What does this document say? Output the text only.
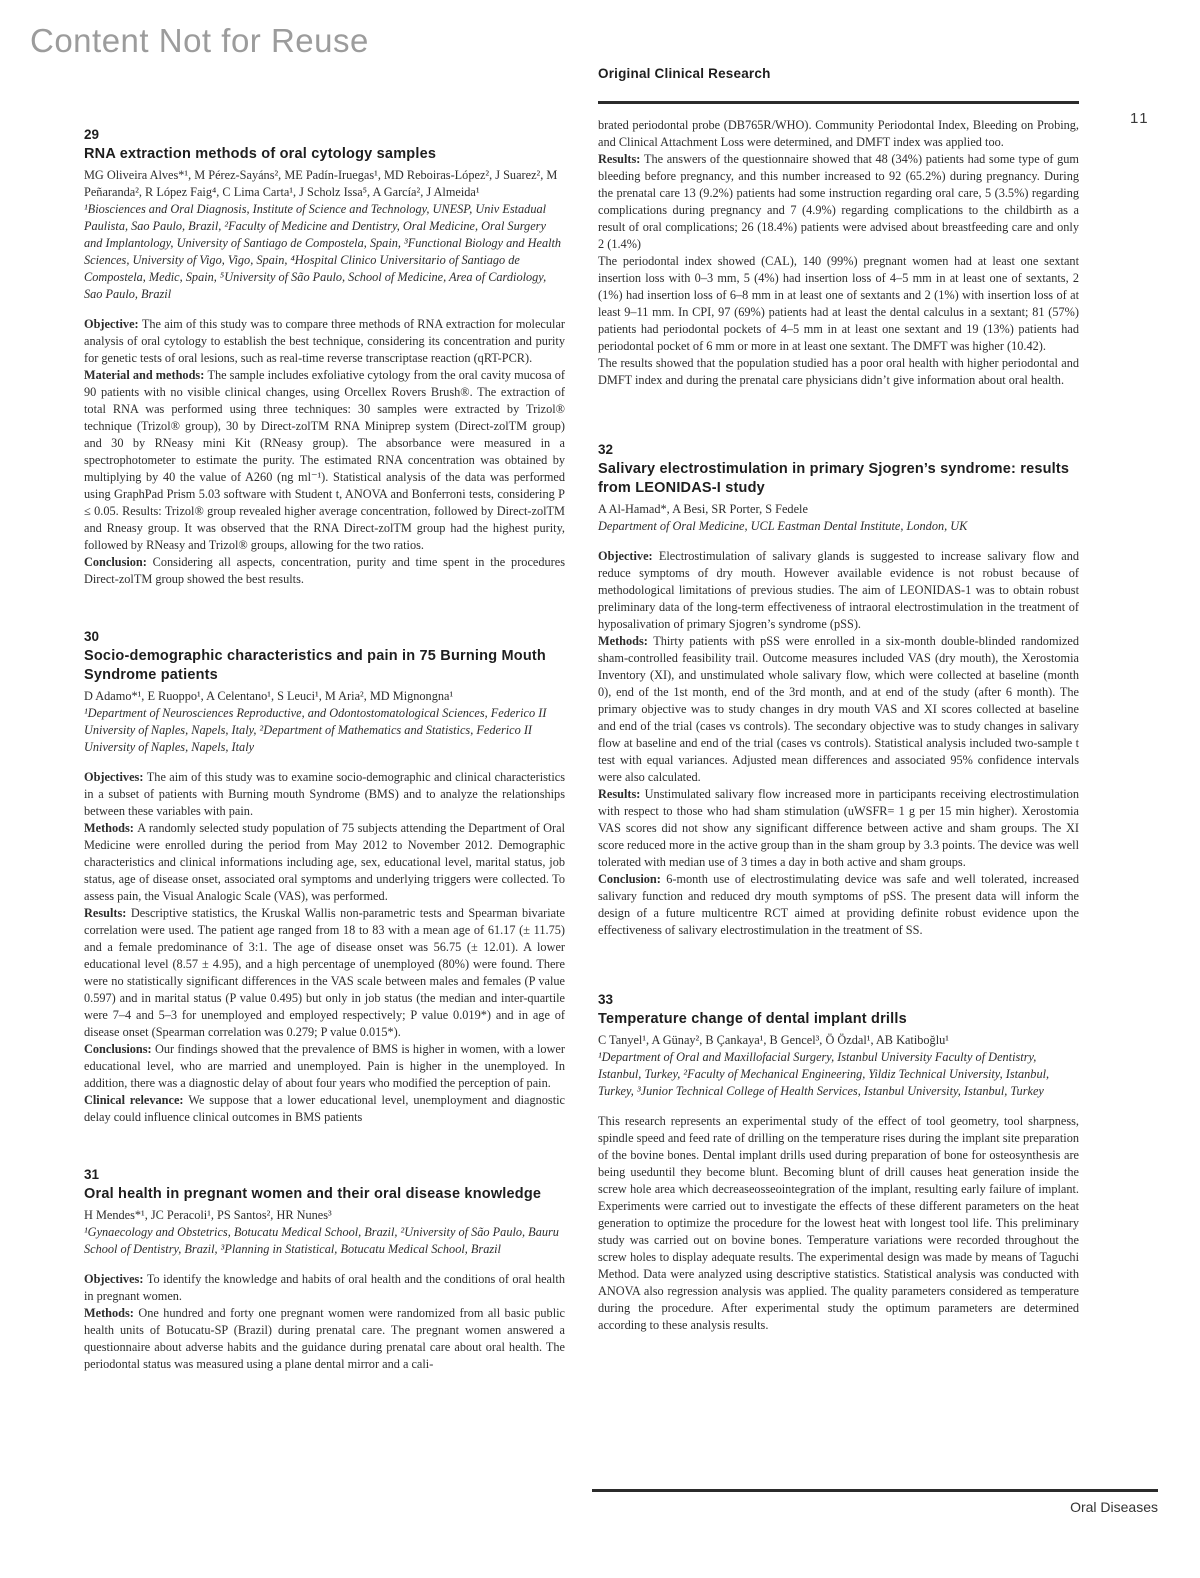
Content Not for Reuse
11
29
RNA extraction methods of oral cytology samples
MG Oliveira Alves*¹, M Pérez-Sayáns², ME Padín-Iruegas¹, MD Reboiras-López², J Suarez², M Peñaranda², R López Faig⁴, C Lima Carta¹, J Scholz Issa⁵, A García², J Almeida¹
¹Biosciences and Oral Diagnosis, Institute of Science and Technology, UNESP, Univ Estadual Paulista, Sao Paulo, Brazil, ²Faculty of Medicine and Dentistry, Oral Medicine, Oral Surgery and Implantology, University of Santiago de Compostela, Spain, ³Functional Biology and Health Sciences, University of Vigo, Vigo, Spain, ⁴Hospital Clinico Universitario of Santiago de Compostela, Medic, Spain, ⁵University of São Paulo, School of Medicine, Area of Cardiology, Sao Paulo, Brazil

Objective: The aim of this study was to compare three methods of RNA extraction for molecular analysis of oral cytology to establish the best technique, considering its concentration and purity for genetic tests of oral lesions, such as real-time reverse transcriptase reaction (qRT-PCR).

Material and methods: The sample includes exfoliative cytology from the oral cavity mucosa of 90 patients with no visible clinical changes, using Orcellex Rovers Brush®. The extraction of total RNA was performed using three techniques: 30 samples were extracted by Trizol® technique (Trizol® group), 30 by Direct-zolTM RNA Miniprep system (Direct-zolTM group) and 30 by RNeasy mini Kit (RNeasy group). The absorbance were measured in a spectrophotometer to estimate the purity. The estimated RNA concentration was obtained by multiplying by 40 the value of A260 (ng ml⁻¹). Statistical analysis of the data was performed using GraphPad Prism 5.03 software with Student t, ANOVA and Bonferroni tests, considering P ≤ 0.05. Results: Trizol® group revealed higher average concentration, followed by Direct-zolTM and Rneasy group. It was observed that the RNA Direct-zolTM group had the highest purity, followed by RNeasy and Trizol® groups, allowing for the two ratios.

Conclusion: Considering all aspects, concentration, purity and time spent in the procedures Direct-zolTM group showed the best results.

30
Socio-demographic characteristics and pain in 75 Burning Mouth Syndrome patients
D Adamo*¹, E Ruoppo¹, A Celentano¹, S Leuci¹, M Aria², MD Mignongna¹
¹Department of Neurosciences Reproductive, and Odontostomatological Sciences, Federico II University of Naples, Napels, Italy, ²Department of Mathematics and Statistics, Federico II University of Naples, Napels, Italy

Objectives: The aim of this study was to examine socio-demographic and clinical characteristics in a subset of patients with Burning mouth Syndrome (BMS) and to analyze the relationships between these variables with pain.

Methods: A randomly selected study population of 75 subjects attending the Department of Oral Medicine were enrolled during the period from May 2012 to November 2012. Demographic characteristics and clinical informations including age, sex, educational level, marital status, job status, age of disease onset, associated oral symptoms and underlying triggers were collected. To assess pain, the Visual Analogic Scale (VAS), was performed.

Results: Descriptive statistics, the Kruskal Wallis non-parametric tests and Spearman bivariate correlation were used. The patient age ranged from 18 to 83 with a mean age of 61.17 (± 11.75) and a female predominance of 3:1. The age of disease onset was 56.75 (± 12.01). A lower educational level (8.57 ± 4.95), and a high percentage of unemployed (80%) were found. There were no statistically significant differences in the VAS scale between males and females (P value 0.597) and in marital status (P value 0.495) but only in job status (the median and inter-quartile were 7–4 and 5–3 for unemployed and employed respectively; P value 0.019*) and in age of disease onset (Spearman correlation was 0.279; P value 0.015*).

Conclusions: Our findings showed that the prevalence of BMS is higher in women, with a lower educational level, who are married and unemployed. Pain is higher in the unemployed. In addition, there was a diagnostic delay of about four years who modified the perception of pain.

Clinical relevance: We suppose that a lower educational level, unemployment and diagnostic delay could influence clinical outcomes in BMS patients

31
Oral health in pregnant women and their oral disease knowledge
H Mendes*¹, JC Peracoli¹, PS Santos², HR Nunes³
¹Gynaecology and Obstetrics, Botucatu Medical School, Brazil, ²University of São Paulo, Bauru School of Dentistry, Brazil, ³Planning in Statistical, Botucatu Medical School, Brazil

Objectives: To identify the knowledge and habits of oral health and the conditions of oral health in pregnant women.

Methods: One hundred and forty one pregnant women were randomized from all basic public health units of Botucatu-SP (Brazil) during prenatal care. The pregnant women answered a questionnaire about adverse habits and the guidance during prenatal care about oral health. The periodontal status was measured using a plane dental mirror and a cali-

Original Clinical Research

brated periodontal probe (DB765R/WHO). Community Periodontal Index, Bleeding on Probing, and Clinical Attachment Loss were determined, and DMFT index was applied too.

Results: The answers of the questionnaire showed that 48 (34%) patients had some type of gum bleeding before pregnancy, and this number increased to 92 (65.2%) during pregnancy. During the prenatal care 13 (9.2%) patients had some instruction regarding oral care, 5 (3.5%) regarding complications during pregnancy and 7 (4.9%) regarding complications to the childbirth as a result of oral complications; 26 (18.4%) patients were advised about breastfeeding care and only 2 (1.4%)

The periodontal index showed (CAL), 140 (99%) pregnant women had at least one sextant insertion loss with 0–3 mm, 5 (4%) had insertion loss of 4–5 mm in at least one of sextants, 2 (1%) had insertion loss of 6–8 mm in at least one of sextants and 2 (1%) with insertion loss of at least 9–11 mm. In CPI, 97 (69%) patients had at least the dental calculus in a sextant; 81 (57%) patients had periodontal pockets of 4–5 mm in at least one sextant and 19 (13%) patients had periodontal pocket of 6 mm or more in at least one sextant. The DMFT was higher (10.42).

The results showed that the population studied has a poor oral health with higher periodontal and DMFT index and during the prenatal care physicians didn’t give information about oral health.

32
Salivary electrostimulation in primary Sjogren’s syndrome: results from LEONIDAS-I study
A Al-Hamad*, A Besi, SR Porter, S Fedele
Department of Oral Medicine, UCL Eastman Dental Institute, London, UK

Objective: Electrostimulation of salivary glands is suggested to increase salivary flow and reduce symptoms of dry mouth. However available evidence is not robust because of methodological limitations of previous studies. The aim of LEONIDAS-1 was to obtain robust preliminary data of the long-term effectiveness of intraoral electrostimulation in the treatment of hyposalivation of primary Sjogren’s syndrome (pSS).

Methods: Thirty patients with pSS were enrolled in a six-month double-blinded randomized sham-controlled feasibility trail. Outcome measures included VAS (dry mouth), the Xerostomia Inventory (XI), and unstimulated whole salivary flow, which were collected at baseline (month 0), end of the 1st month, end of the 3rd month, and at end of the study (after 6 month). The primary objective was to study changes in dry mouth VAS and XI scores collected at baseline and end of the trial (cases vs controls). The secondary objective was to study changes in salivary flow at baseline and end of the trial (cases vs controls). Statistical analysis included two-sample t test with equal variances. Adjusted mean differences and associated 95% confidence intervals were also calculated.

Results: Unstimulated salivary flow increased more in participants receiving electrostimulation with respect to those who had sham stimulation (uWSFR= 1 g per 15 min higher). Xerostomia VAS scores did not show any significant difference between active and sham groups. The XI score reduced more in the active group than in the sham group by 3.3 points. The device was well tolerated with median use of 3 times a day in both active and sham groups.

Conclusion: 6-month use of electrostimulating device was safe and well tolerated, increased salivary function and reduced dry mouth symptoms of pSS. The present data will inform the design of a future multicentre RCT aimed at providing definite robust evidence upon the effectiveness of salivary electrostimulation in the treatment of SS.

33
Temperature change of dental implant drills
C Tanyel¹, A Günay², B Çankaya¹, B Gencel³, Ö Özdal¹, AB Katiboğlu¹
¹Department of Oral and Maxillofacial Surgery, Istanbul University Faculty of Dentistry, Istanbul, Turkey, ²Faculty of Mechanical Engineering, Yildiz Technical University, Istanbul, Turkey, ³Junior Technical College of Health Services, Istanbul University, Istanbul, Turkey

This research represents an experimental study of the effect of tool geometry, tool sharpness, spindle speed and feed rate of drilling on the temperature rises during the implant site preparation of the bovine bones. Dental implant drills used during preparation of bone for osteosynthesis are being useduntil they become blunt. Becoming blunt of drill causes heat generation inside the screw hole area which decreaseosseointegration of the implant, resulting early failure of implant. Experiments were carried out to investigate the effects of these different parameters on the heat generation to optimize the procedure for the lowest heat with longest tool life. This preliminary study was carried out on bovine bones. Temperature variations were recorded throughout the screw holes to display adequate results. The experimental design was made by means of Taguchi Method. Data were analyzed using descriptive statistics. Statistical analysis was conducted with ANOVA also regression analysis was applied. The quality parameters considered as temperature during the procedure. After experimental study the optimum parameters are determined according to these analysis results.

Oral Diseases
